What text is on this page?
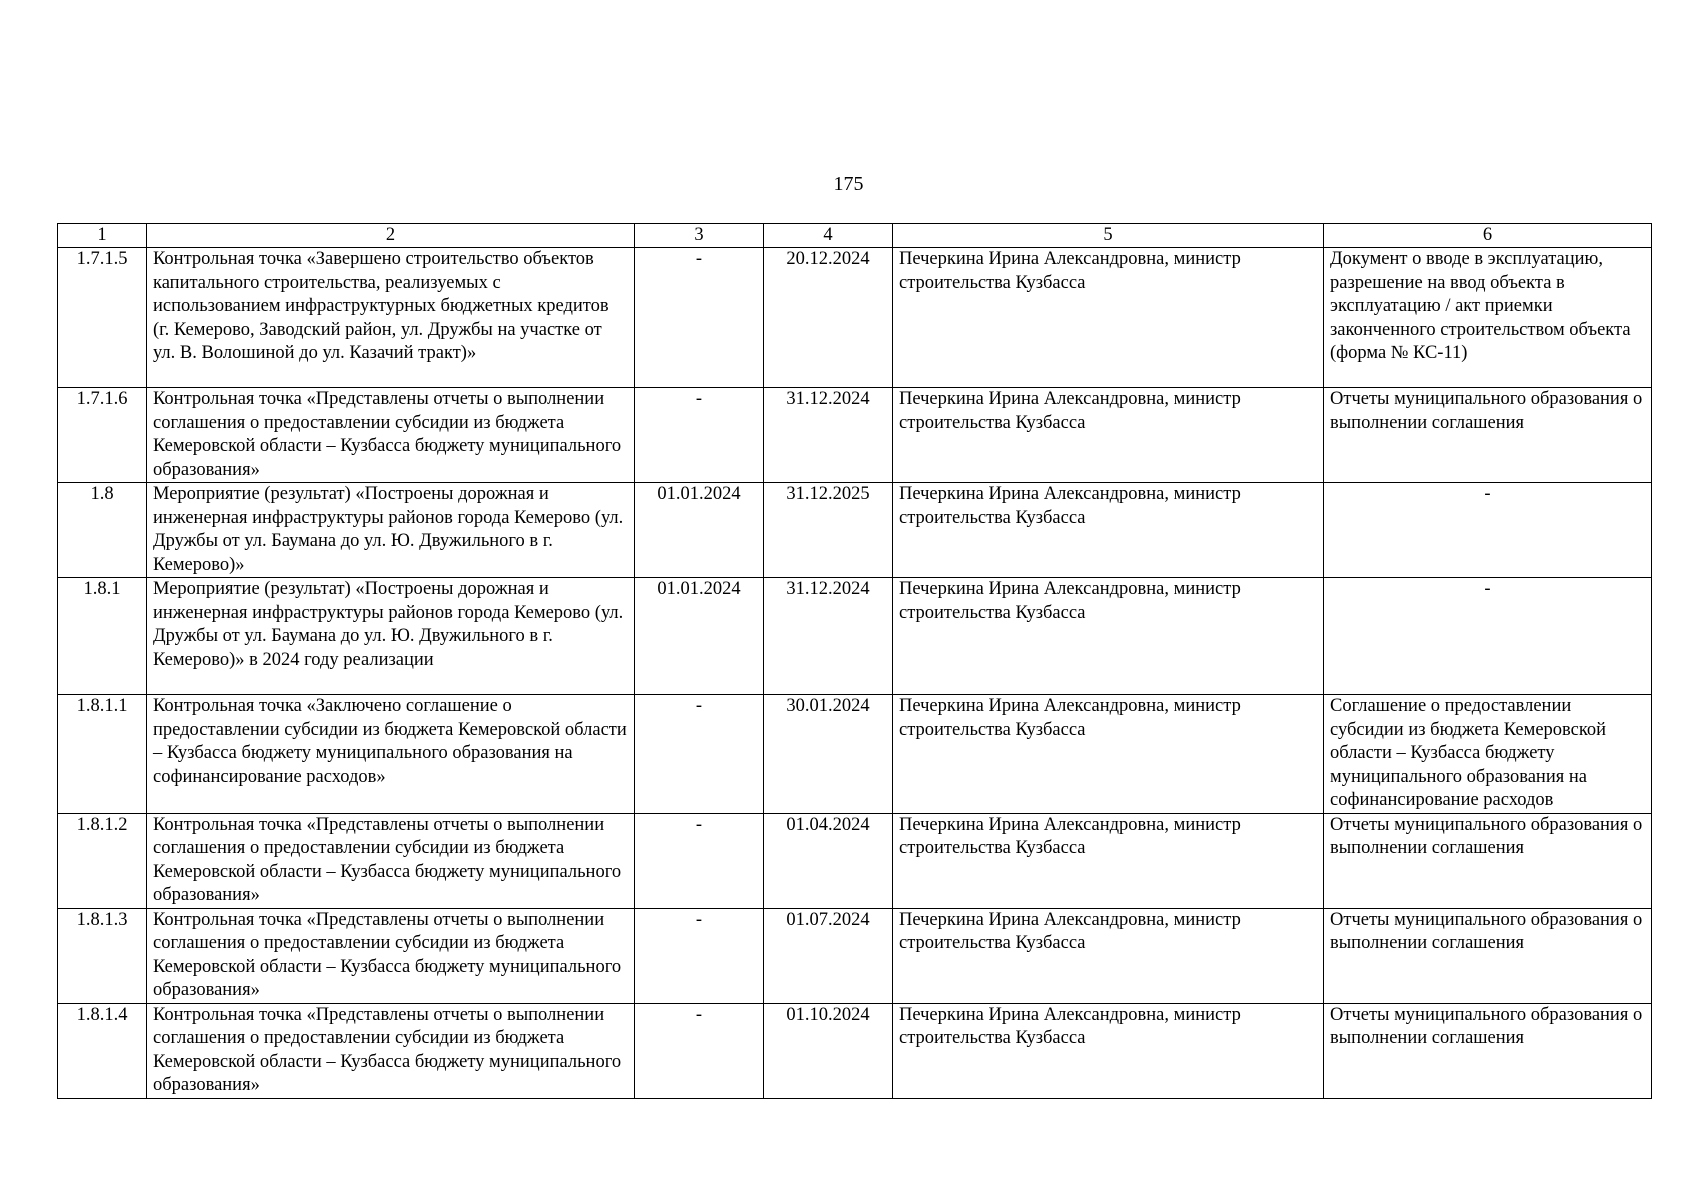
175
1	2	3	4	5	6
1.7.1.5	Контрольная точка «Завершено строительство объектов капитального строительства, реализуемых с использованием инфраструктурных бюджетных кредитов (г. Кемерово, Заводский район, ул. Дружбы на участке от ул. В. Волошиной до ул. Казачий тракт)»	-	20.12.2024	Печеркина Ирина Александровна, министр строительства Кузбасса	Документ о вводе в эксплуатацию, разрешение на ввод объекта в эксплуатацию / акт приемки законченного строительством объекта (форма № КС-11)
1.7.1.6	Контрольная точка «Представлены отчеты о выполнении соглашения о предоставлении субсидии из бюджета Кемеровской области – Кузбасса бюджету муниципального образования»	-	31.12.2024	Печеркина Ирина Александровна, министр строительства Кузбасса	Отчеты муниципального образования о выполнении соглашения
1.8	Мероприятие (результат) «Построены дорожная и инженерная инфраструктуры районов города Кемерово (ул. Дружбы от ул. Баумана до ул. Ю. Двужильного в г. Кемерово)»	01.01.2024	31.12.2025	Печеркина Ирина Александровна, министр строительства Кузбасса	-
1.8.1	Мероприятие (результат) «Построены дорожная и инженерная инфраструктуры районов города Кемерово (ул. Дружбы от ул. Баумана до ул. Ю. Двужильного в г. Кемерово)» в 2024 году реализации	01.01.2024	31.12.2024	Печеркина Ирина Александровна, министр строительства Кузбасса	-
1.8.1.1	Контрольная точка «Заключено соглашение о предоставлении субсидии из бюджета Кемеровской области – Кузбасса бюджету муниципального образования на софинансирование расходов»	-	30.01.2024	Печеркина Ирина Александровна, министр строительства Кузбасса	Соглашение о предоставлении субсидии из бюджета Кемеровской области – Кузбасса бюджету муниципального образования на софинансирование расходов
1.8.1.2	Контрольная точка «Представлены отчеты о выполнении соглашения о предоставлении субсидии из бюджета Кемеровской области – Кузбасса бюджету муниципального образования»	-	01.04.2024	Печеркина Ирина Александровна, министр строительства Кузбасса	Отчеты муниципального образования о выполнении соглашения
1.8.1.3	Контрольная точка «Представлены отчеты о выполнении соглашения о предоставлении субсидии из бюджета Кемеровской области – Кузбасса бюджету муниципального образования»	-	01.07.2024	Печеркина Ирина Александровна, министр строительства Кузбасса	Отчеты муниципального образования о выполнении соглашения
1.8.1.4	Контрольная точка «Представлены отчеты о выполнении соглашения о предоставлении субсидии из бюджета Кемеровской области – Кузбасса бюджету муниципального образования»	-	01.10.2024	Печеркина Ирина Александровна, министр строительства Кузбасса	Отчеты муниципального образования о выполнении соглашения
